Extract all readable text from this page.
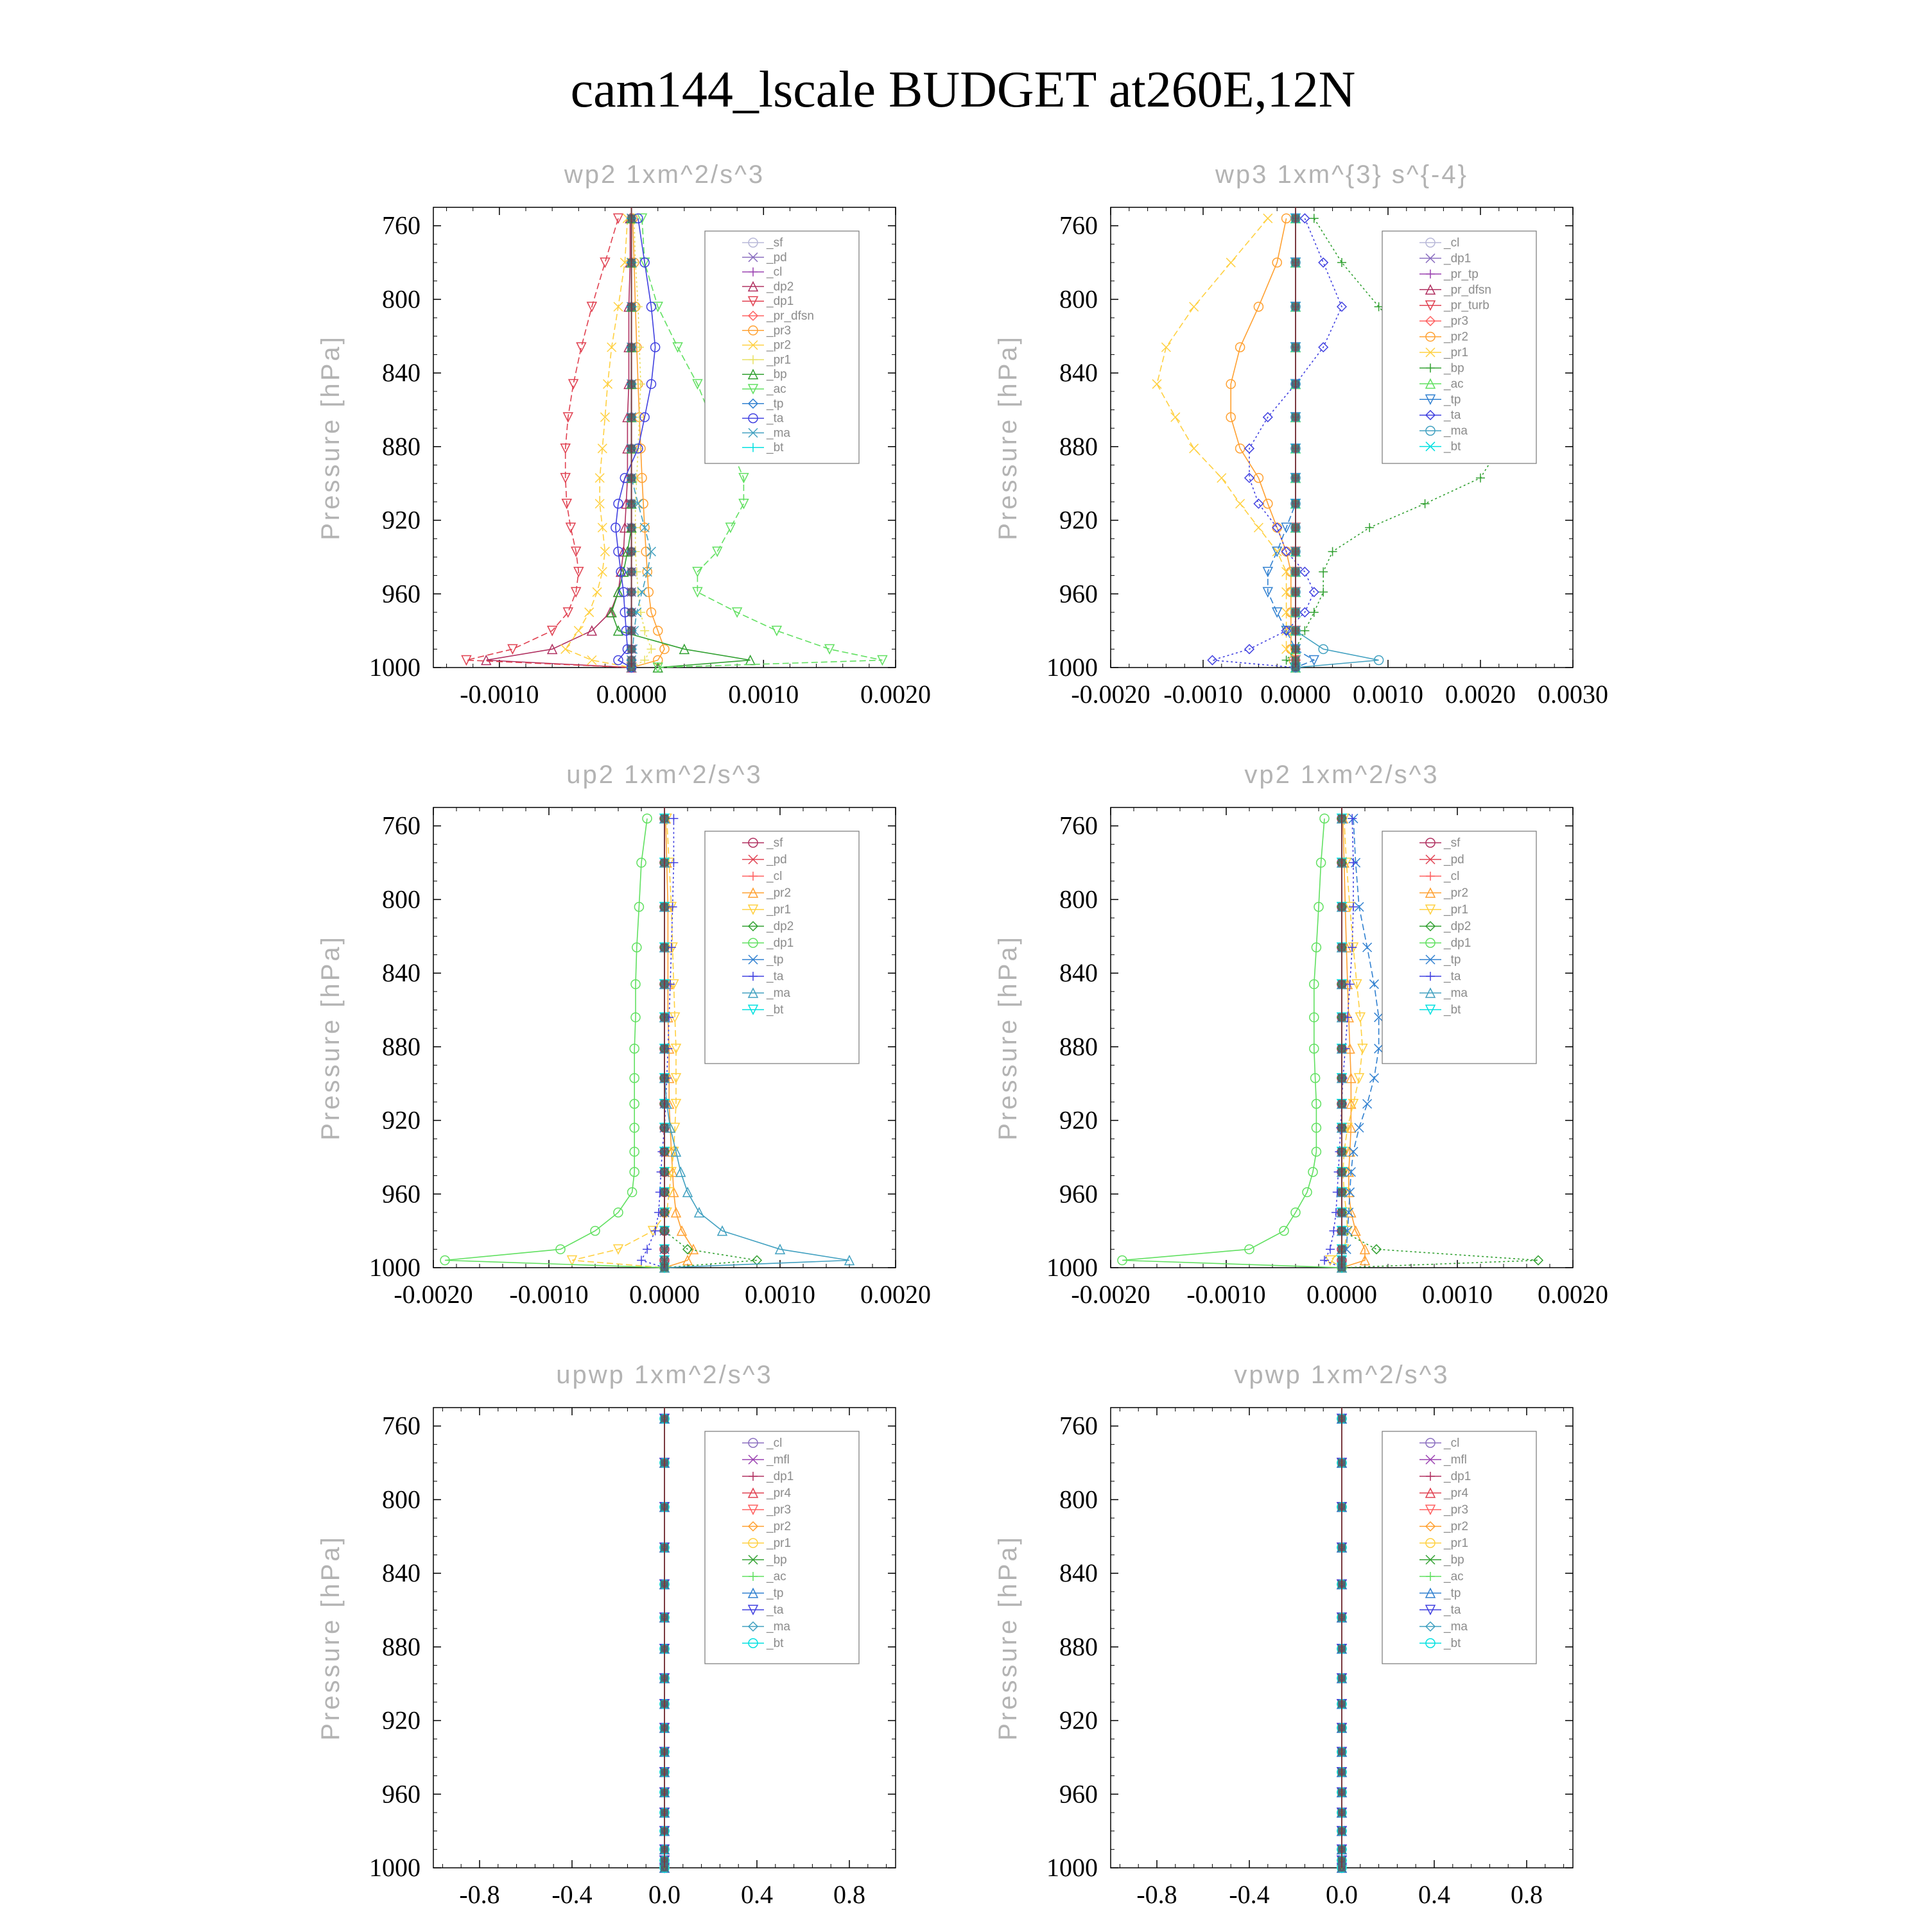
cam144_lscale BUDGET at260E,12N
wp2 1xm^2/s^3
Pressure [hPa]
760
800
840
880
920
960
1000
-0.0010 0.0000 0.0010 0.0020
_sf
_pd
_cl
_dp2
_dp1
_pr_dfsn
_pr3
_pr2
_pr1
_bp
_ac
_tp
_ta
_ma
_bt
wp3 1xm^{3} s^{-4}
Pressure [hPa]
760
800
840
880
920
960
1000
-0.0020 -0.0010 0.0000 0.0010 0.0020 0.0030
_cl
_dp1
_pr_tp
_pr_dfsn
_pr_turb
_pr3
_pr2
_pr1
_bp
_ac
_tp
_ta
_ma
_bt
up2 1xm^2/s^3
Pressure [hPa]
760
800
840
880
920
960
1000
-0.0020 -0.0010 0.0000 0.0010 0.0020
_sf
_pd
_cl
_pr2
_pr1
_dp2
_dp1
_tp
_ta
_ma
_bt
vp2 1xm^2/s^3
Pressure [hPa]
760
800
840
880
920
960
1000
-0.0020 -0.0010 0.0000 0.0010 0.0020
_sf
_pd
_cl
_pr2
_pr1
_dp2
_dp1
_tp
_ta
_ma
_bt
upwp 1xm^2/s^3
Pressure [hPa]
760
800
840
880
920
960
1000
-0.8 -0.4 0.0 0.4 0.8
_cl
_mfl
_dp1
_pr4
_pr3
_pr2
_pr1
_bp
_ac
_tp
_ta
_ma
_bt
vpwp 1xm^2/s^3
Pressure [hPa]
760
800
840
880
920
960
1000
-0.8 -0.4 0.0 0.4 0.8
_cl
_mfl
_dp1
_pr4
_pr3
_pr2
_pr1
_bp
_ac
_tp
_ta
_ma
_bt
